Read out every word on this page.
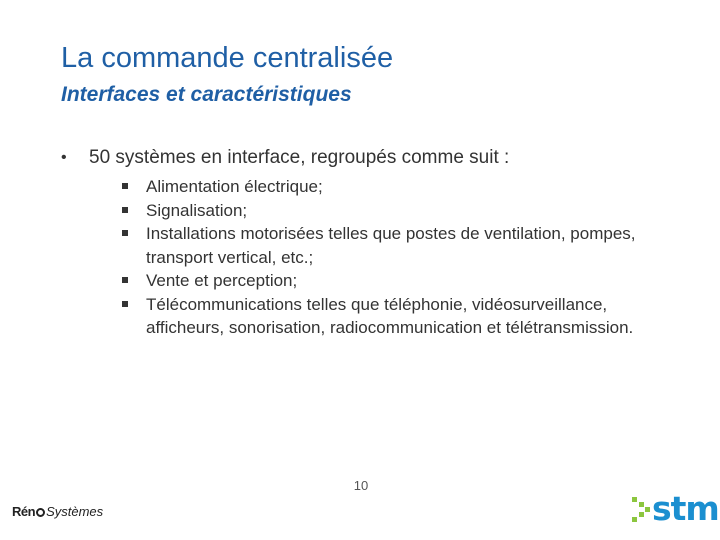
La commande centralisée
Interfaces et caractéristiques
• 50 systèmes en interface, regroupés comme suit :
Alimentation électrique;
Signalisation;
Installations motorisées telles que postes de ventilation, pompes, transport vertical, etc.;
Vente et perception;
Télécommunications telles que téléphonie, vidéosurveillance, afficheurs, sonorisation, radiocommunication et télétransmission.
10
Rén Systèmes	stm
